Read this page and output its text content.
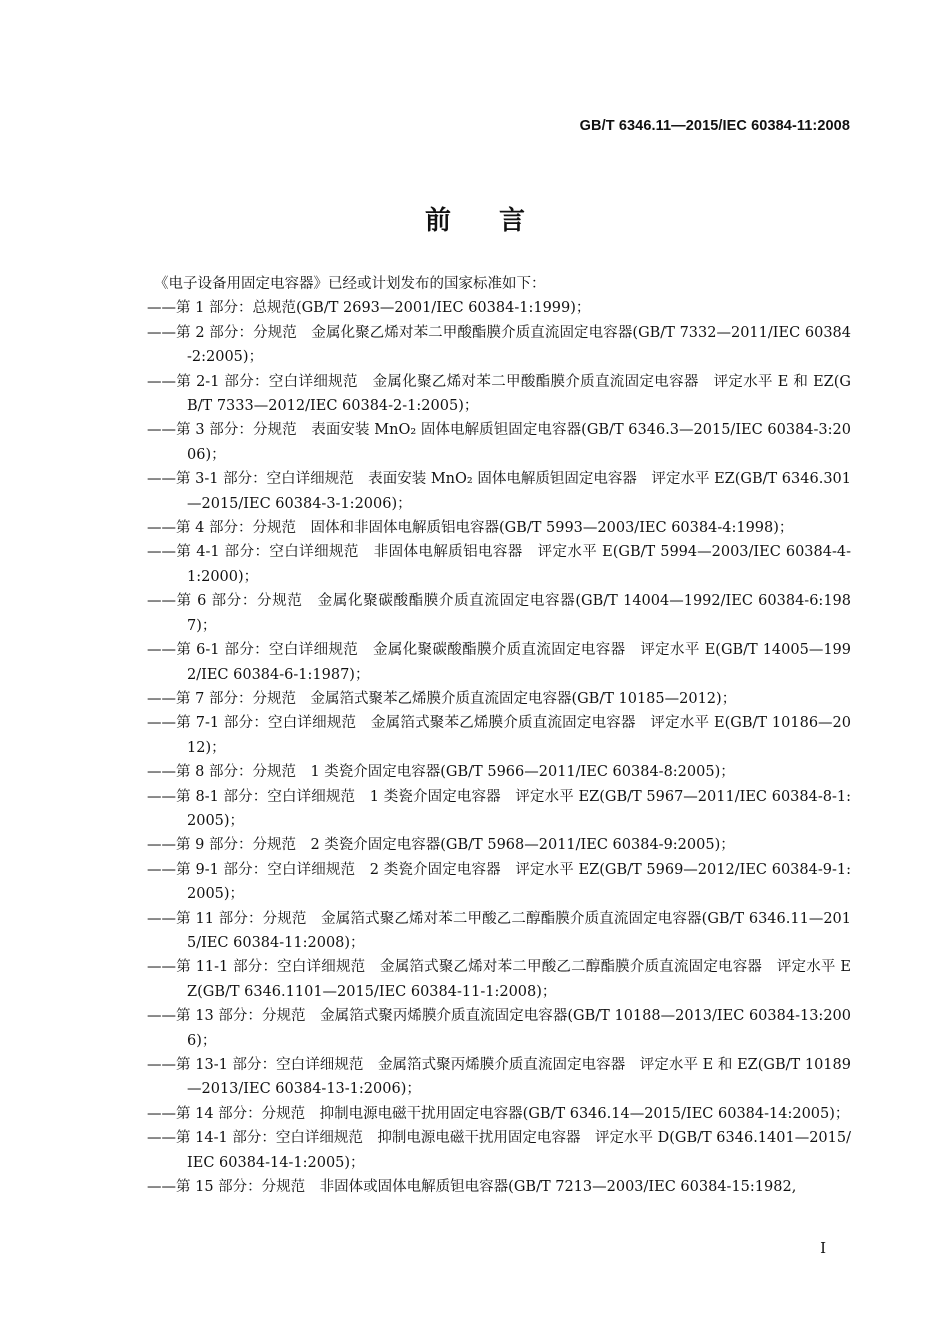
GB/T 6346.11—2015/IEC 60384-11:2008
前言

《电子设备用固定电容器》已经或计划发布的国家标准如下：

——第 1 部分：总规范(GB/T 2693—2001/IEC 60384-1:1999)；
——第 2 部分：分规范　金属化聚乙烯对苯二甲酸酯膜介质直流固定电容器(GB/T 7332—2011/IEC 60384-2:2005)；
——第 2-1 部分：空白详细规范　金属化聚乙烯对苯二甲酸酯膜介质直流固定电容器　评定水平 E 和 EZ(GB/T 7333—2012/IEC 60384-2-1:2005)；
——第 3 部分：分规范　表面安装 MnO₂ 固体电解质钽固定电容器(GB/T 6346.3—2015/IEC 60384-3:2006)；
——第 3-1 部分：空白详细规范　表面安装 MnO₂ 固体电解质钽固定电容器　评定水平 EZ(GB/T 6346.301—2015/IEC 60384-3-1:2006)；
——第 4 部分：分规范　固体和非固体电解质铝电容器(GB/T 5993—2003/IEC 60384-4:1998)；
——第 4-1 部分：空白详细规范　非固体电解质铝电容器　评定水平 E(GB/T 5994—2003/IEC 60384-4-1:2000)；
——第 6 部分：分规范　金属化聚碳酸酯膜介质直流固定电容器(GB/T 14004—1992/IEC 60384-6:1987)；
——第 6-1 部分：空白详细规范　金属化聚碳酸酯膜介质直流固定电容器　评定水平 E(GB/T 14005—1992/IEC 60384-6-1:1987)；
——第 7 部分：分规范　金属箔式聚苯乙烯膜介质直流固定电容器(GB/T 10185—2012)；
——第 7-1 部分：空白详细规范　金属箔式聚苯乙烯膜介质直流固定电容器　评定水平 E(GB/T 10186—2012)；
——第 8 部分：分规范　1 类瓷介固定电容器(GB/T 5966—2011/IEC 60384-8:2005)；
——第 8-1 部分：空白详细规范　1 类瓷介固定电容器　评定水平 EZ(GB/T 5967—2011/IEC 60384-8-1:2005)；
——第 9 部分：分规范　2 类瓷介固定电容器(GB/T 5968—2011/IEC 60384-9:2005)；
——第 9-1 部分：空白详细规范　2 类瓷介固定电容器　评定水平 EZ(GB/T 5969—2012/IEC 60384-9-1:2005)；
——第 11 部分：分规范　金属箔式聚乙烯对苯二甲酸乙二醇酯膜介质直流固定电容器(GB/T 6346.11—2015/IEC 60384-11:2008)；
——第 11-1 部分：空白详细规范　金属箔式聚乙烯对苯二甲酸乙二醇酯膜介质直流固定电容器　评定水平 EZ(GB/T 6346.1101—2015/IEC 60384-11-1:2008)；
——第 13 部分：分规范　金属箔式聚丙烯膜介质直流固定电容器(GB/T 10188—2013/IEC 60384-13:2006)；
——第 13-1 部分：空白详细规范　金属箔式聚丙烯膜介质直流固定电容器　评定水平 E 和 EZ(GB/T 10189—2013/IEC 60384-13-1:2006)；
——第 14 部分：分规范　抑制电源电磁干扰用固定电容器(GB/T 6346.14—2015/IEC 60384-14:2005)；
——第 14-1 部分：空白详细规范　抑制电源电磁干扰用固定电容器　评定水平 D(GB/T 6346.1401—2015/IEC 60384-14-1:2005)；
——第 15 部分：分规范　非固体或固体电解质钽电容器(GB/T 7213—2003/IEC 60384-15:1982,
I
